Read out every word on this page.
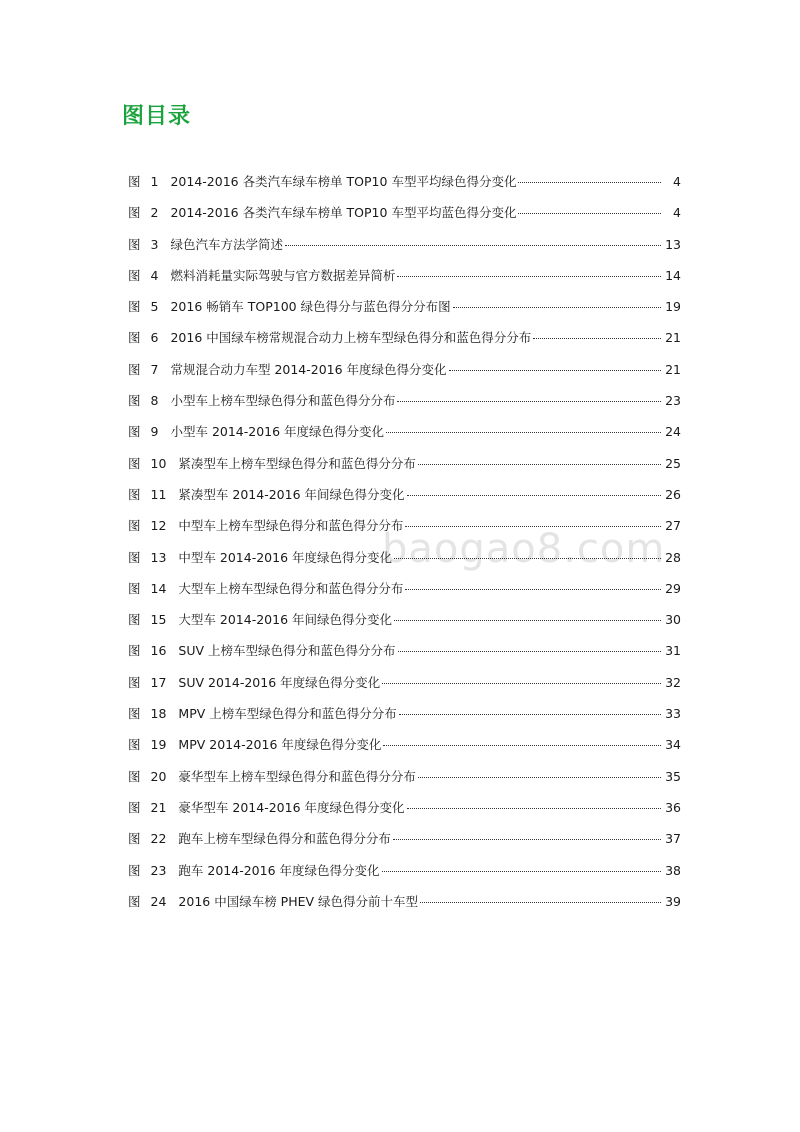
图目录
baogao8.com
图 1 2014-2016 各类汽车绿车榜单 TOP10 车型平均绿色得分变化	4
图 2 2014-2016 各类汽车绿车榜单 TOP10 车型平均蓝色得分变化	4
图 3 绿色汽车方法学简述	13
图 4 燃料消耗量实际驾驶与官方数据差异简析	14
图 5 2016 畅销车 TOP100 绿色得分与蓝色得分分布图	19
图 6 2016 中国绿车榜常规混合动力上榜车型绿色得分和蓝色得分分布	21
图 7 常规混合动力车型 2014-2016 年度绿色得分变化	21
图 8 小型车上榜车型绿色得分和蓝色得分分布	23
图 9 小型车 2014-2016 年度绿色得分变化	24
图 10 紧凑型车上榜车型绿色得分和蓝色得分分布	25
图 11 紧凑型车 2014-2016 年间绿色得分变化	26
图 12 中型车上榜车型绿色得分和蓝色得分分布	27
图 13 中型车 2014-2016 年度绿色得分变化	28
图 14 大型车上榜车型绿色得分和蓝色得分分布	29
图 15 大型车 2014-2016 年间绿色得分变化	30
图 16 SUV 上榜车型绿色得分和蓝色得分分布	31
图 17 SUV 2014-2016 年度绿色得分变化	32
图 18 MPV 上榜车型绿色得分和蓝色得分分布	33
图 19 MPV 2014-2016 年度绿色得分变化	34
图 20 豪华型车上榜车型绿色得分和蓝色得分分布	35
图 21 豪华型车 2014-2016 年度绿色得分变化	36
图 22 跑车上榜车型绿色得分和蓝色得分分布	37
图 23 跑车 2014-2016 年度绿色得分变化	38
图 24 2016 中国绿车榜 PHEV 绿色得分前十车型	39
